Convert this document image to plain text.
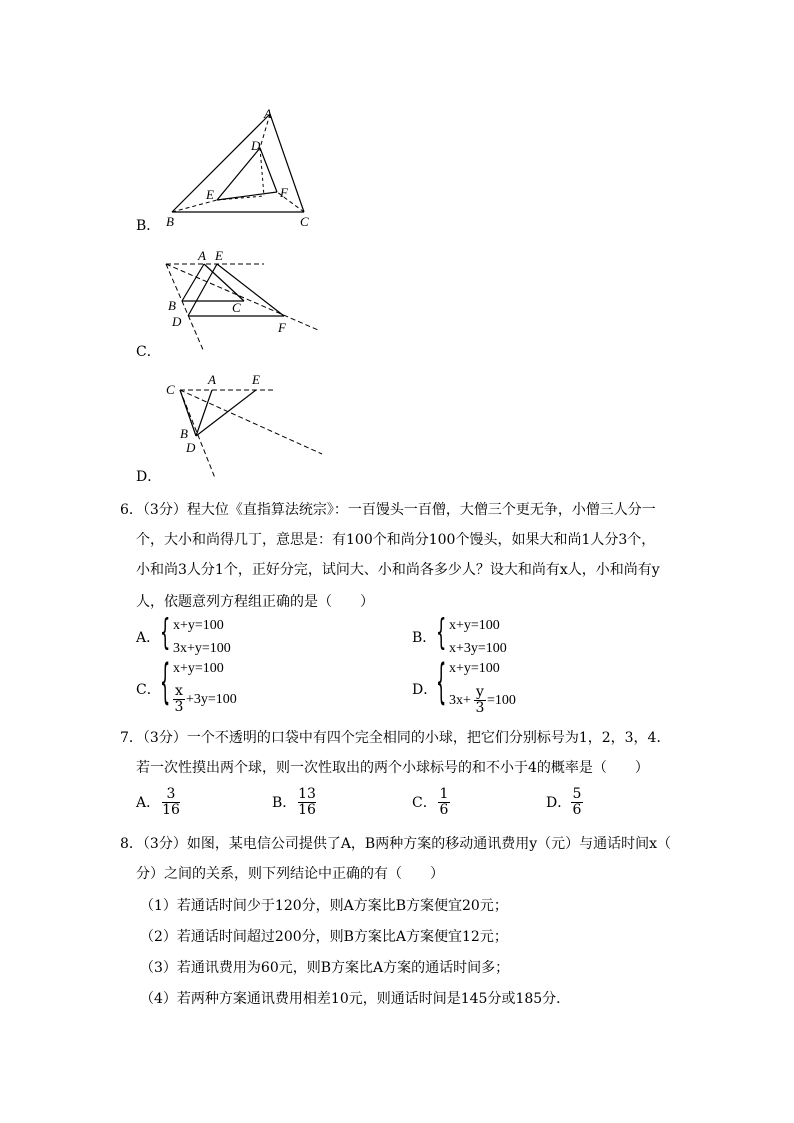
B．
A
D
E	F
B	C
C．
A E
B	C
D	F
D．
C
A	E
B
D
6．（3分）程大位《直指算法统宗》：一百馒头一百僧，大僧三个更无争，小僧三人分一
个，大小和尚得几丁，意思是：有100个和尚分100个馒头，如果大和尚1人分3个，
小和尚3人分1个，正好分完，试问大、小和尚各多少人？设大和尚有x人，小和尚有y
人，依题意列方程组正确的是（　　）
A． { x+y=100
3x+y=100
B． { x+y=100
x+3y=100
C． { x+y=100
x
3 +3y=100
D．
{ x+y=100
3x+
y
3 =100
7．（3分）一个不透明的口袋中有四个完全相同的小球，把它们分别标号为1，2，3，4．
若一次性摸出两个球，则一次性取出的两个小球标号的和不小于4的概率是（　　）
A．
3
16	B．
13
16	C．
1
6	D．
5
6
8．（3分）如图，某电信公司提供了A，B两种方案的移动通讯费用y（元）与通话时间x（
分）之间的关系，则下列结论中正确的有（　　）
（1）若通话时间少于120分，则A方案比B方案便宜20元；
（2）若通话时间超过200分，则B方案比A方案便宜12元；
（3）若通讯费用为60元，则B方案比A方案的通话时间多；
（4）若两种方案通讯费用相差10元，则通话时间是145分或185分．
